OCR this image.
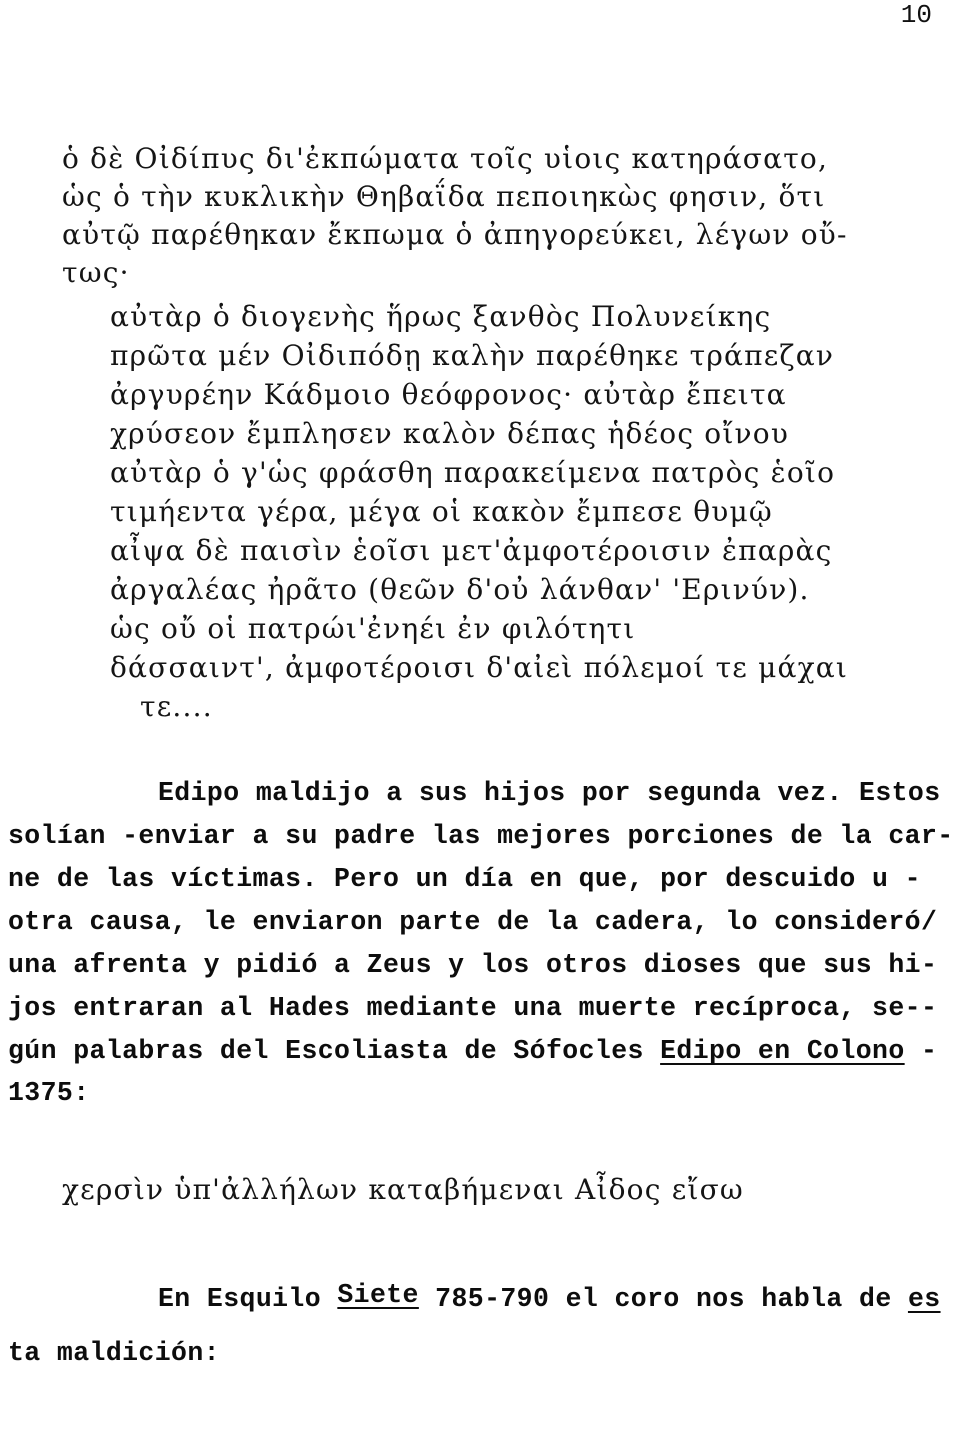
10
ὁ δὲ Οἰδίπυς δι'ἐκπώματα τοῖς υἱοις κατηράσατο,
ὡς ὁ τὴν κυκλικὴν Θηβαΐδα πεποιηκὼς φησιν, ὅτι
αὐτῷ παρέθηκαν ἔκπωμα ὁ ἀπηγορεύκει, λέγων οὔ-
τως·
αὐτὰρ ὁ διογενὴς ἥρως ξανθὸς Πολυνείκης
πρῶτα μέν Οἰδιπόδῃ καλὴν παρέθηκε τράπεζαν
ἀργυρέην Κάδμοιο θεόφρονος· αὐτὰρ ἔπειτα
χρύσεον ἔμπλησεν καλὸν δέπας ἡδέος οἴνου
αὐτὰρ ὁ γ'ὡς φράσθη παρακείμενα πατρὸς ἑοῖο
τιμήεντα γέρα, μέγα οἱ κακὸν ἔμπεσε θυμῷ
αἶψα δὲ παισὶν ἑοῖσι μετ'ἀμφοτέροισιν ἐπαρὰς
ἀργαλέας ἠρᾶτο (θεῶν δ'οὐ λάνθαν' 'Ερινύν).
ὡς οὔ οἱ πατρώι'ἐνηέι ἐν φιλότητι
δάσσαιντ', ἀμφοτέροισι δ'αἰεὶ πόλεμοί τε μάχαι
τε....
Edipo maldijo a sus hijos por segunda vez. Estos
solían -enviar a su padre las mejores porciones de la car-
ne de las víctimas. Pero un día en que, por descuido u -
otra causa, le enviaron parte de la cadera, lo consideró/
una afrenta y pidió a Zeus y los otros dioses que sus hi-
jos entraran al Hades mediante una muerte recíproca, se--
gún palabras del Escoliasta de Sófocles Edipo en Colono -
1375:
χερσὶν ὑπ'ἀλλήλων καταβήμεναι Αἶδος εἴσω
En Esquilo Siete 785-790 el coro nos habla de es
ta maldición:
